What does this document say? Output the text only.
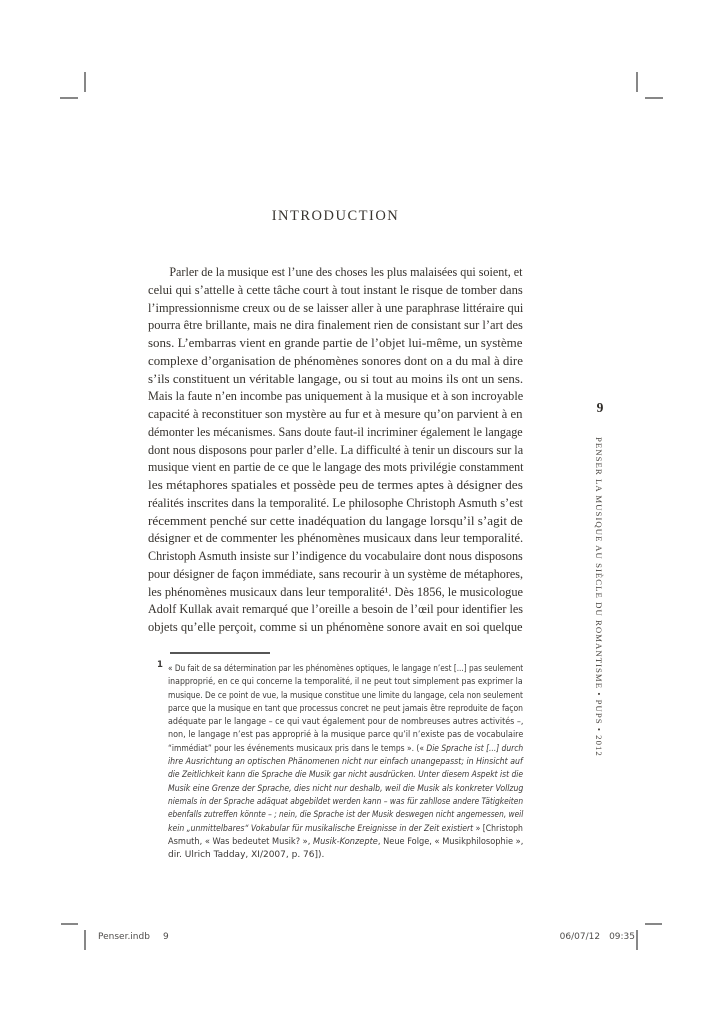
INTRODUCTION
Parler de la musique est l’une des choses les plus malaisées qui soient, et
celui qui s’attelle à cette tâche court à tout instant le risque de tomber dans
l’impressionnisme creux ou de se laisser aller à une paraphrase littéraire qui
pourra être brillante, mais ne dira finalement rien de consistant sur l’art des
sons. L’embarras vient en grande partie de l’objet lui-même, un système
complexe d’organisation de phénomènes sonores dont on a du mal à dire
s’ils constituent un véritable langage, ou si tout au moins ils ont un sens.
Mais la faute n’en incombe pas uniquement à la musique et à son incroyable
capacité à reconstituer son mystère au fur et à mesure qu’on parvient à en
démonter les mécanismes. Sans doute faut-il incriminer également le langage
dont nous disposons pour parler d’elle. La difficulté à tenir un discours sur la
musique vient en partie de ce que le langage des mots privilégie constamment
les métaphores spatiales et possède peu de termes aptes à désigner des
réalités inscrites dans la temporalité. Le philosophe Christoph Asmuth s’est
récemment penché sur cette inadéquation du langage lorsqu’il s’agit de
désigner et de commenter les phénomènes musicaux dans leur temporalité.
Christoph Asmuth insiste sur l’indigence du vocabulaire dont nous disposons
pour désigner de façon immédiate, sans recourir à un système de métaphores,
les phénomènes musicaux dans leur temporalité¹. Dès 1856, le musicologue
Adolf Kullak avait remarqué que l’oreille a besoin de l’œil pour identifier les
objets qu’elle perçoit, comme si un phénomène sonore avait en soi quelque
1 « Du fait de sa détermination par les phénomènes optiques, le langage n’est [...] pas seulement
inapproprié, en ce qui concerne la temporalité, il ne peut tout simplement pas exprimer la
musique. De ce point de vue, la musique constitue une limite du langage, cela non seulement
parce que la musique en tant que processus concret ne peut jamais être reproduite de façon
adéquate par le langage – ce qui vaut également pour de nombreuses autres activités –,
non, le langage n’est pas approprié à la musique parce qu’il n’existe pas de vocabulaire
“immédiat” pour les événements musicaux pris dans le temps ». (« Die Sprache ist [...] durch
ihre Ausrichtung an optischen Phänomenen nicht nur einfach unangepasst; in Hinsicht auf
die Zeitlichkeit kann die Sprache die Musik gar nicht ausdrücken. Unter diesem Aspekt ist die
Musik eine Grenze der Sprache, dies nicht nur deshalb, weil die Musik als konkreter Vollzug
niemals in der Sprache adäquat abgebildet werden kann – was für zahllose andere Tätigkeiten
ebenfalls zutreffen könnte – ; nein, die Sprache ist der Musik deswegen nicht angemessen, weil
kein „unmittelbares“ Vokabular für musikalische Ereignisse in der Zeit existiert » [Christoph
Asmuth, « Was bedeutet Musik? », Musik-Konzepte, Neue Folge, « Musikphilosophie »,
dir. Ulrich Tadday, XI/2007, p. 76]).
9
PENSER LA MUSIQUE AU SIÈCLE DU ROMANTISME • PUPS • 2012
Penser.indb 9	06/07/12 09:35
